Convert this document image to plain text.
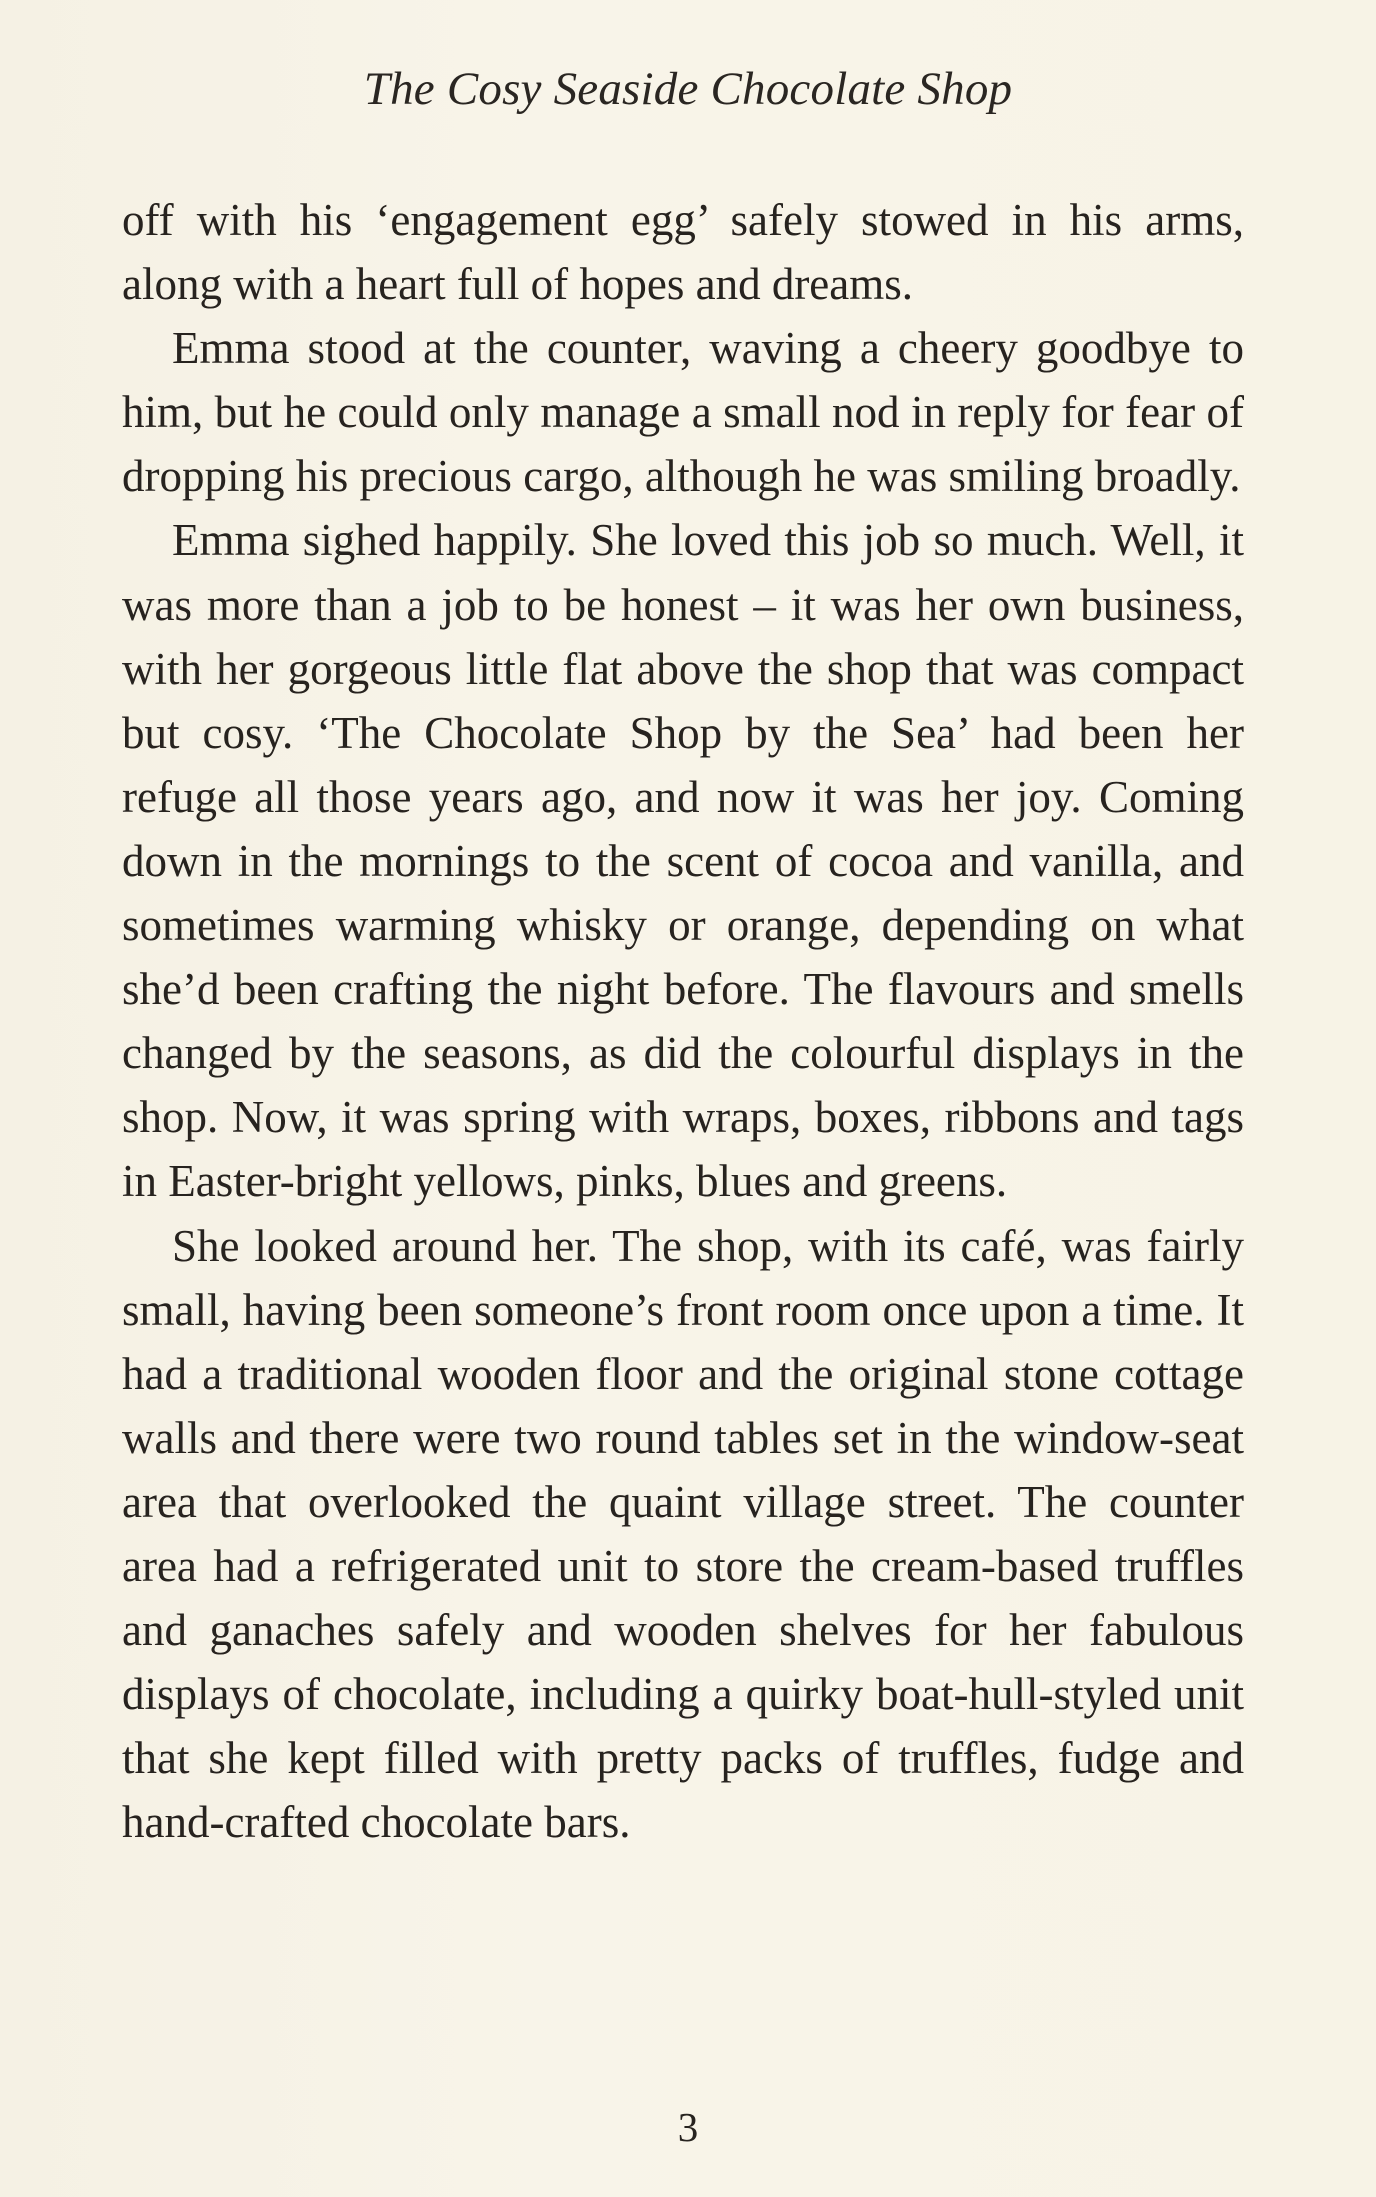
The Cosy Seaside Chocolate Shop

off with his ‘engagement egg’ safely stowed in his arms, along with a heart full of hopes and dreams.

Emma stood at the counter, waving a cheery goodbye to him, but he could only manage a small nod in reply for fear of dropping his precious cargo, although he was smiling broadly.

Emma sighed happily. She loved this job so much. Well, it was more than a job to be honest – it was her own business, with her gorgeous little flat above the shop that was compact but cosy. ‘The Chocolate Shop by the Sea’ had been her refuge all those years ago, and now it was her joy. Coming down in the mornings to the scent of cocoa and vanilla, and sometimes warming whisky or orange, depending on what she’d been crafting the night before. The flavours and smells changed by the seasons, as did the colourful displays in the shop. Now, it was spring with wraps, boxes, ribbons and tags in Easter-bright yellows, pinks, blues and greens.

She looked around her. The shop, with its café, was fairly small, having been someone’s front room once upon a time. It had a traditional wooden floor and the original stone cottage walls and there were two round tables set in the window-seat area that overlooked the quaint village street. The counter area had a refrigerated unit to store the cream-based truffles and ganaches safely and wooden shelves for her fabulous displays of chocolate, including a quirky boat-hull-styled unit that she kept filled with pretty packs of truffles, fudge and hand-crafted chocolate bars.

3
